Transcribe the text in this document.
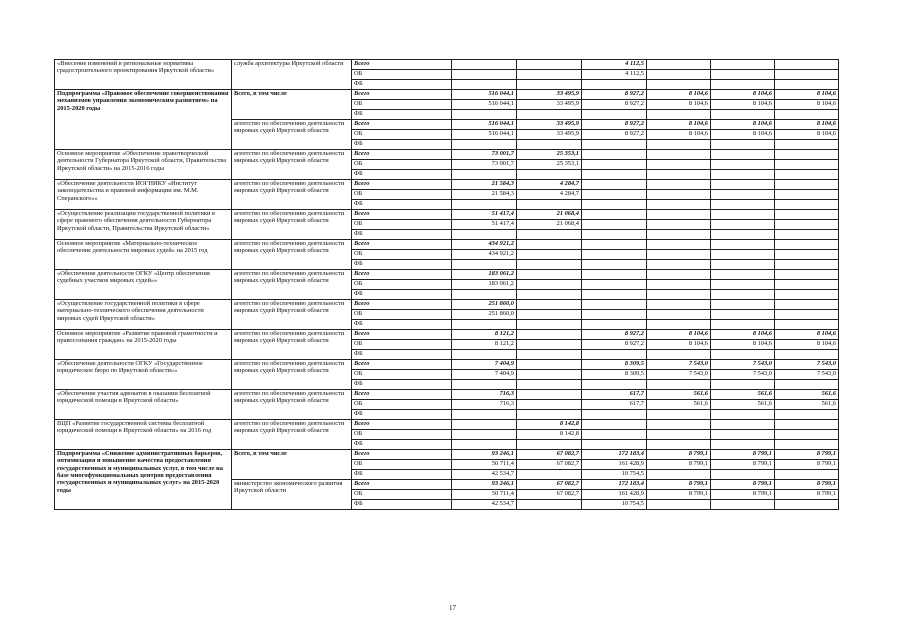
«Внесение изменений в региональные нормативы градостроительного проектирования Иркутской области»	служба архитектуры Иркутской области	Всего			4 112,5			
		ОБ			4 112,5			
		ФБ						
Подпрограмма «Правовое обеспечение совершенствования механизмов управления экономическим развитием» на 2015-2020 годы	Всего, в том числе	Всего	516 044,1	33 495,9	8 927,2	8 104,6	8 104,6	8 104,6
		ОБ	516 044,1	33 495,9	8 927,2	8 104,6	8 104,6	8 104,6
		ФБ						
	агентство по обеспечению деятельности мировых судей Иркутской области	Всего	516 044,1	33 495,9	8 927,2	8 104,6	8 104,6	8 104,6
		ОБ	516 044,1	33 495,9	8 927,2	8 104,6	8 104,6	8 104,6
		ФБ						
Основное мероприятие «Обеспечение правотворческой деятельности Губернатора Иркутской области, Правительства Иркутской области» на 2015-2016 годы	агентство по обеспечению деятельности мировых судей Иркутской области	Всего	73 001,7	25 353,1				
		ОБ	73 001,7	25 353,1				
		ФБ						
«Обеспечение деятельности ИОГНИКУ «Институт законодательства и правовой информации им. М.М. Сперанского»»	агентство по обеспечению деятельности мировых судей Иркутской области	Всего	21 584,3	4 284,7				
		ОБ	21 584,3	4 284,7				
		ФБ						
«Осуществление реализации государственной политики в сфере правового обеспечения деятельности Губернатора Иркутской области, Правительства Иркутской области»	агентство по обеспечению деятельности мировых судей Иркутской области	Всего	51 417,4	21 068,4				
		ОБ	51 417,4	21 068,4				
		ФБ						
Основное мероприятие «Материально-техническое обеспечение деятельности мировых судей» на 2015 год	агентство по обеспечению деятельности мировых судей Иркутской области	Всего	434 921,2					
		ОБ	434 921,2					
		ФБ						
«Обеспечение деятельности ОГКУ «Центр обеспечения судебных участков мировых судей»»	агентство по обеспечению деятельности мировых судей Иркутской области	Всего	183 061,2					
		ОБ	183 061,2					
		ФБ						
«Осуществление государственной политики в сфере материально-технического обеспечения деятельности мировых судей Иркутской области»	агентство по обеспечению деятельности мировых судей Иркутской области	Всего	251 860,0					
		ОБ	251 860,0					
		ФБ						
Основное мероприятие «Развитие правовой грамотности и правосознания граждан» на 2015-2020 годы	агентство по обеспечению деятельности мировых судей Иркутской области	Всего	8 121,2		8 927,2	8 104,6	8 104,6	8 104,6
		ОБ	8 121,2		8 927,2	8 104,6	8 104,6	8 104,6
		ФБ						
«Обеспечение деятельности ОГКУ «Государственное юридическое бюро по Иркутской области»»	агентство по обеспечению деятельности мировых судей Иркутской области	Всего	7 404,9		8 309,5	7 543,0	7 543,0	7 543,0
		ОБ	7 404,9		8 309,5	7 543,0	7 543,0	7 543,0
		ФБ						
«Обеспечение участия адвокатов в оказании бесплатной юридической помощи в Иркутской области»	агентство по обеспечению деятельности мировых судей Иркутской области	Всего	716,3		617,7	561,6	561,6	561,6
		ОБ	716,3		617,7	561,6	561,6	561,6
		ФБ						
ВЦП «Развитие государственной системы бесплатной юридической помощи в Иркутской области» на 2016 год	агентство по обеспечению деятельности мировых судей Иркутской области	Всего		8 142,8				
		ОБ		8 142,8				
		ФБ						
Подпрограмма «Снижение административных барьеров, оптимизация и повышение качества предоставления государственных и муниципальных услуг, в том числе на базе многофункциональных центров предоставления государственных и муниципальных услуг» на 2015-2020 годы	Всего, в том числе	Всего	93 246,1	67 082,7	172 183,4	8 799,1	8 799,1	8 799,1
		ОБ	50 711,4	67 082,7	161 428,9	8 799,1	8 799,1	8 799,1
		ФБ	42 534,7		10 754,5			
	министерство экономического развития Иркутской области	Всего	93 246,1	67 082,7	172 183,4	8 799,1	8 799,1	8 799,1
		ОБ	50 711,4	67 082,7	161 428,9	8 799,1	8 799,1	8 799,1
		ФБ	42 534,7		10 754,5			
17
